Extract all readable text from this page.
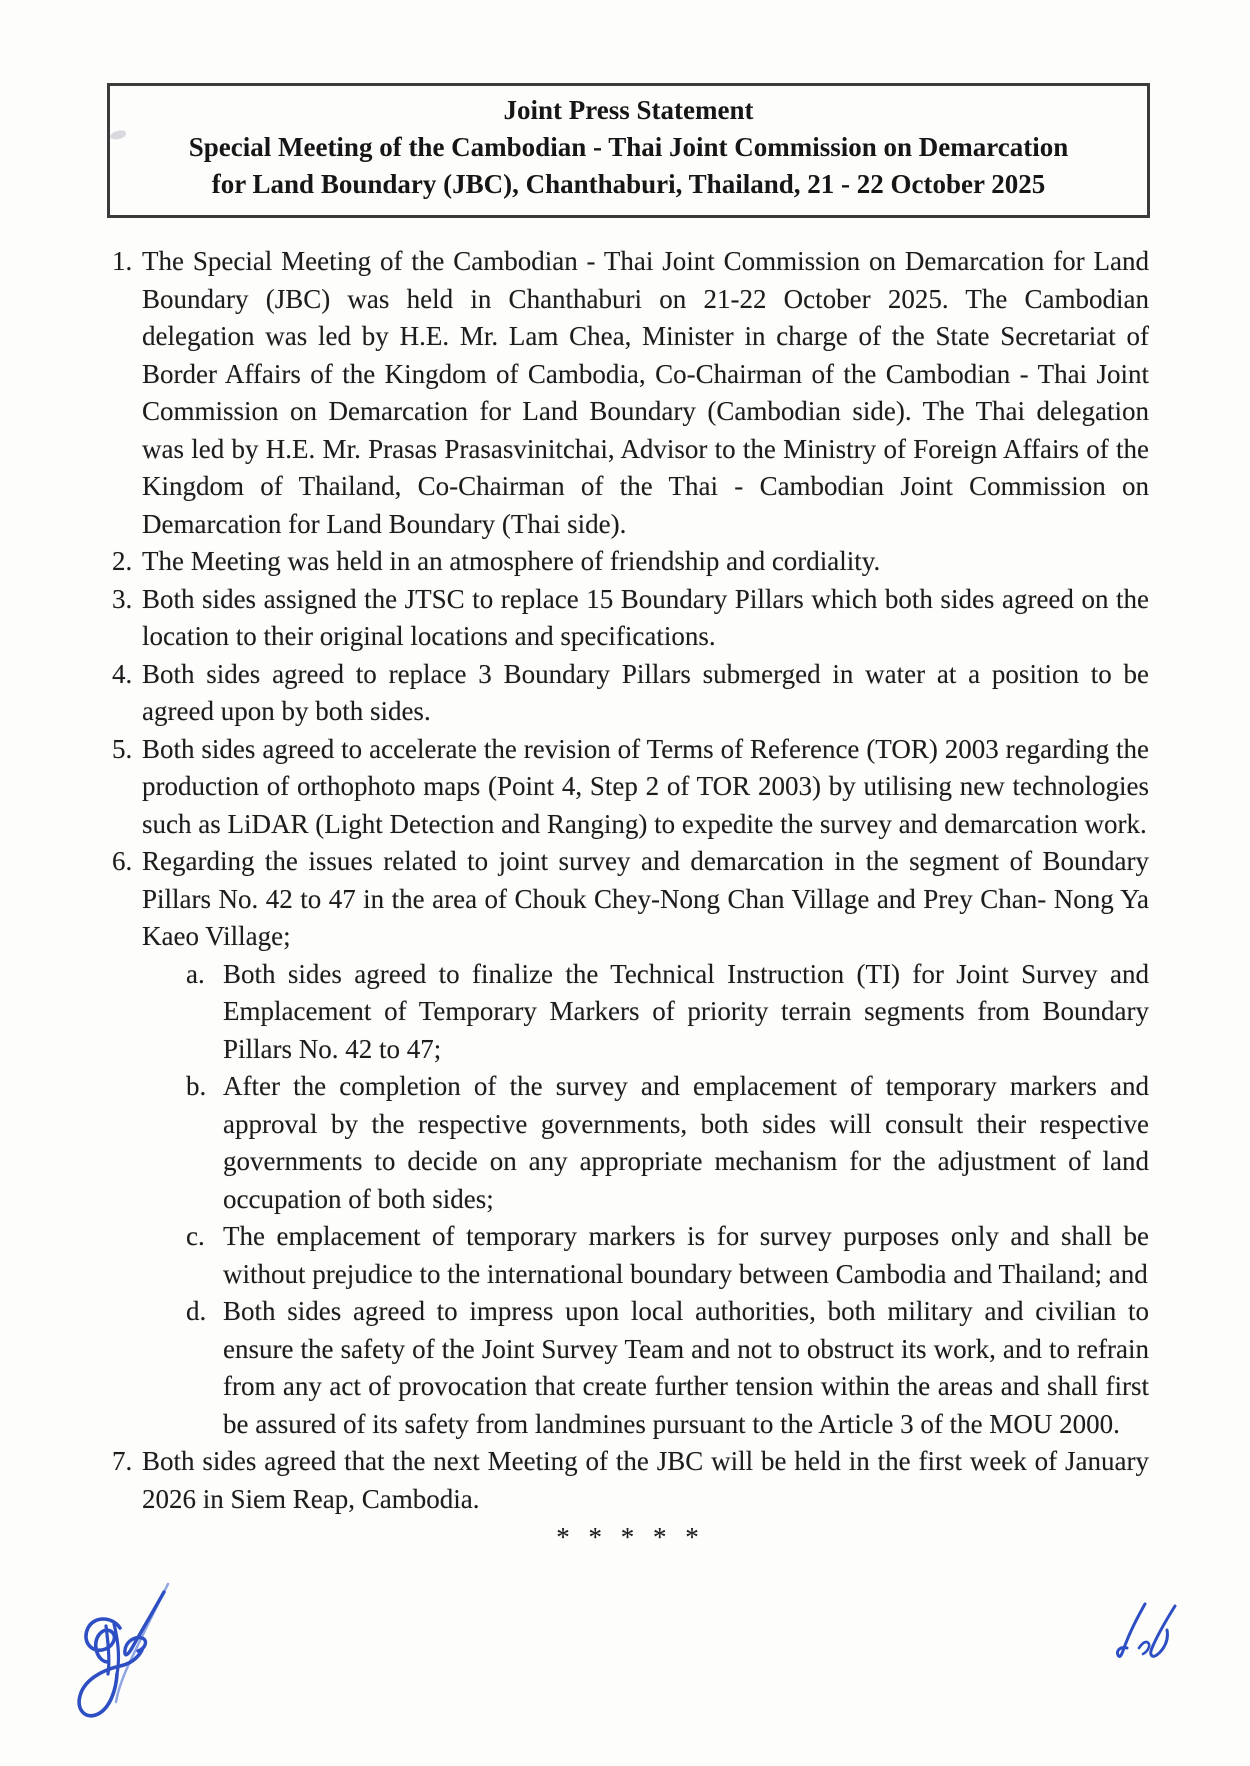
Joint Press Statement
Special Meeting of the Cambodian - Thai Joint Commission on Demarcation
for Land Boundary (JBC), Chanthaburi, Thailand, 21 - 22 October 2025
1. The Special Meeting of the Cambodian - Thai Joint Commission on Demarcation for Land Boundary (JBC) was held in Chanthaburi on 21-22 October 2025. The Cambodian delegation was led by H.E. Mr. Lam Chea, Minister in charge of the State Secretariat of Border Affairs of the Kingdom of Cambodia, Co-Chairman of the Cambodian - Thai Joint Commission on Demarcation for Land Boundary (Cambodian side). The Thai delegation was led by H.E. Mr. Prasas Prasasvinitchai, Advisor to the Ministry of Foreign Affairs of the Kingdom of Thailand, Co-Chairman of the Thai - Cambodian Joint Commission on Demarcation for Land Boundary (Thai side).
2. The Meeting was held in an atmosphere of friendship and cordiality.
3. Both sides assigned the JTSC to replace 15 Boundary Pillars which both sides agreed on the location to their original locations and specifications.
4. Both sides agreed to replace 3 Boundary Pillars submerged in water at a position to be agreed upon by both sides.
5. Both sides agreed to accelerate the revision of Terms of Reference (TOR) 2003 regarding the production of orthophoto maps (Point 4, Step 2 of TOR 2003) by utilising new technologies such as LiDAR (Light Detection and Ranging) to expedite the survey and demarcation work.
6. Regarding the issues related to joint survey and demarcation in the segment of Boundary Pillars No. 42 to 47 in the area of Chouk Chey-Nong Chan Village and Prey Chan- Nong Ya Kaeo Village;
a. Both sides agreed to finalize the Technical Instruction (TI) for Joint Survey and Emplacement of Temporary Markers of priority terrain segments from Boundary Pillars No. 42 to 47;
b. After the completion of the survey and emplacement of temporary markers and approval by the respective governments, both sides will consult their respective governments to decide on any appropriate mechanism for the adjustment of land occupation of both sides;
c. The emplacement of temporary markers is for survey purposes only and shall be without prejudice to the international boundary between Cambodia and Thailand; and
d. Both sides agreed to impress upon local authorities, both military and civilian to ensure the safety of the Joint Survey Team and not to obstruct its work, and to refrain from any act of provocation that create further tension within the areas and shall first be assured of its safety from landmines pursuant to the Article 3 of the MOU 2000.
7. Both sides agreed that the next Meeting of the JBC will be held in the first week of January 2026 in Siem Reap, Cambodia.
* * * * *
